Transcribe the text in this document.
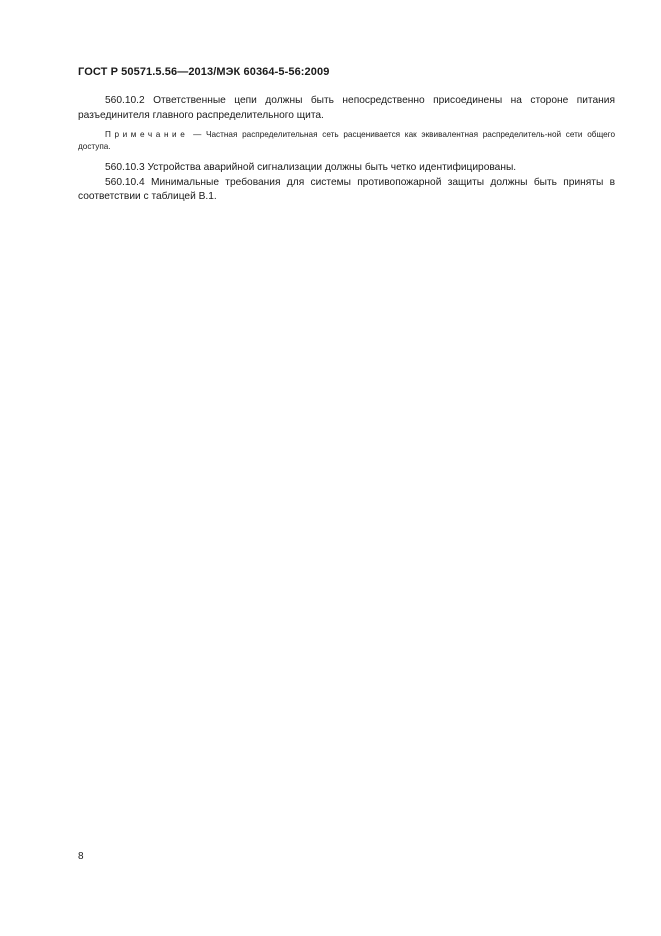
ГОСТ Р 50571.5.56—2013/МЭК 60364-5-56:2009

560.10.2 Ответственные цепи должны быть непосредственно присоединены на стороне питания разъединителя главного распределительного щита.

Примечание — Частная распределительная сеть расценивается как эквивалентная распределитель-ной сети общего доступа.

560.10.3 Устройства аварийной сигнализации должны быть четко идентифицированы.

560.10.4 Минимальные требования для системы противопожарной защиты должны быть приняты в соответствии с таблицей В.1.

8
